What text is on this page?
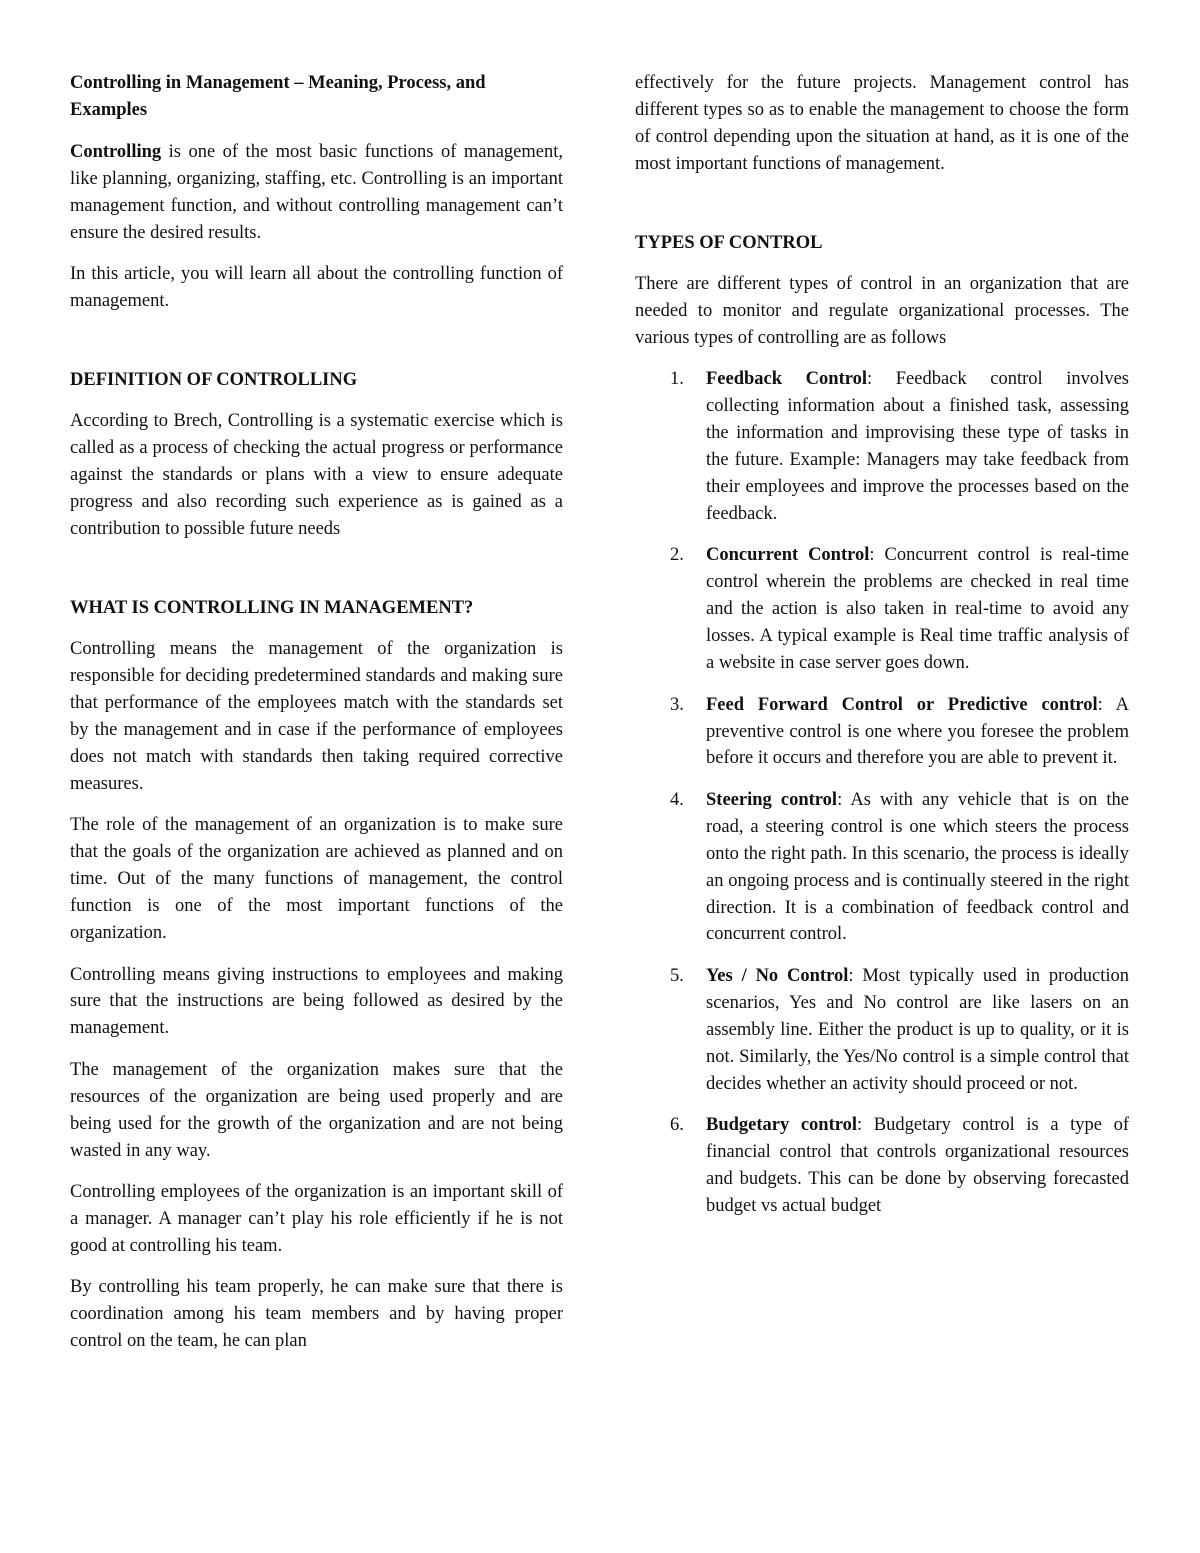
Controlling in Management – Meaning, Process, and Examples

Controlling is one of the most basic functions of management, like planning, organizing, staffing, etc. Controlling is an important management function, and without controlling management can’t ensure the desired results.

In this article, you will learn all about the controlling function of management.

DEFINITION OF CONTROLLING

According to Brech, Controlling is a systematic exercise which is called as a process of checking the actual progress or performance against the standards or plans with a view to ensure adequate progress and also recording such experience as is gained as a contribution to possible future needs

WHAT IS CONTROLLING IN MANAGEMENT?

Controlling means the management of the organization is responsible for deciding predetermined standards and making sure that performance of the employees match with the standards set by the management and in case if the performance of employees does not match with standards then taking required corrective measures.

The role of the management of an organization is to make sure that the goals of the organization are achieved as planned and on time. Out of the many functions of management, the control function is one of the most important functions of the organization.

Controlling means giving instructions to employees and making sure that the instructions are being followed as desired by the management.

The management of the organization makes sure that the resources of the organization are being used properly and are being used for the growth of the organization and are not being wasted in any way.

Controlling employees of the organization is an important skill of a manager. A manager can’t play his role efficiently if he is not good at controlling his team.

By controlling his team properly, he can make sure that there is coordination among his team members and by having proper control on the team, he can plan

effectively for the future projects. Management control has different types so as to enable the management to choose the form of control depending upon the situation at hand, as it is one of the most important functions of management.

TYPES OF CONTROL

There are different types of control in an organization that are needed to monitor and regulate organizational processes. The various types of controlling are as follows

1. Feedback Control: Feedback control involves collecting information about a finished task, assessing the information and improvising these type of tasks in the future. Example: Managers may take feedback from their employees and improve the processes based on the feedback.
2. Concurrent Control: Concurrent control is real-time control wherein the problems are checked in real time and the action is also taken in real-time to avoid any losses. A typical example is Real time traffic analysis of a website in case server goes down.
3. Feed Forward Control or Predictive control: A preventive control is one where you foresee the problem before it occurs and therefore you are able to prevent it.
4. Steering control: As with any vehicle that is on the road, a steering control is one which steers the process onto the right path. In this scenario, the process is ideally an ongoing process and is continually steered in the right direction. It is a combination of feedback control and concurrent control.
5. Yes / No Control: Most typically used in production scenarios, Yes and No control are like lasers on an assembly line. Either the product is up to quality, or it is not. Similarly, the Yes/No control is a simple control that decides whether an activity should proceed or not.
6. Budgetary control: Budgetary control is a type of financial control that controls organizational resources and budgets. This can be done by observing forecasted budget vs actual budget
